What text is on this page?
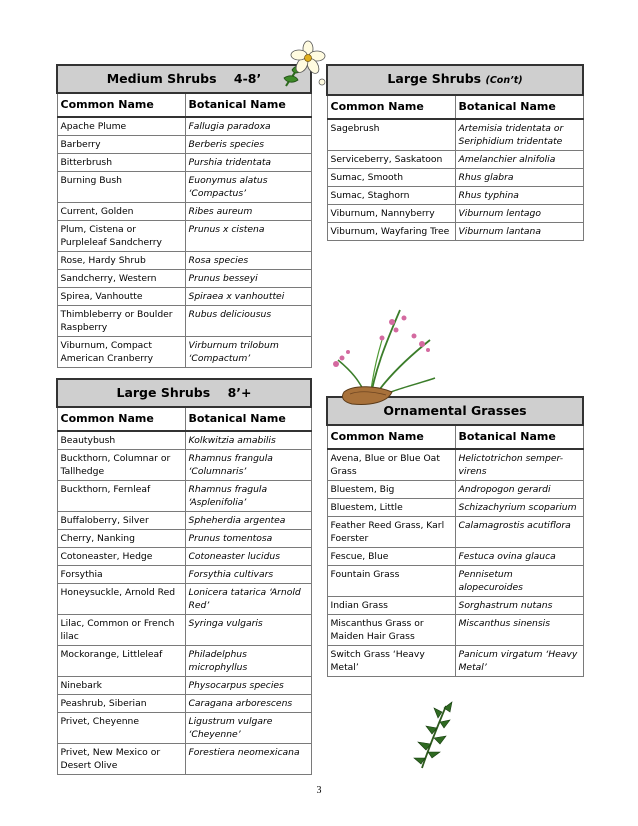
Medium Shrubs    4-8’	
Common Name	Botanical Name
Apache Plume	Fallugia paradoxa
Barberry	Berberis species
Bitterbrush	Purshia tridentata
Burning Bush	Euonymus alatus ‘Compactus’
Current, Golden	Ribes aureum
Plum, Cistena or Purpleleaf Sandcherry	Prunus x cistena
Rose, Hardy Shrub	Rosa species
Sandcherry, Western	Prunus besseyi
Spirea, Vanhoutte	Spiraea x vanhouttei
Thimbleberry or Boulder Raspberry	Rubus deliciousus
Viburnum, Compact American Cranberry	Virburnum trilobum ‘Compactum’
Large Shrubs (Con’t)	
Common Name	Botanical Name
Sagebrush	Artemisia tridentata or Seriphidium tridentate
Serviceberry, Saskatoon	Amelanchier alnifolia
Sumac, Smooth	Rhus glabra
Sumac, Staghorn	Rhus typhina
Viburnum, Nannyberry	Viburnum lentago
Viburnum, Wayfaring Tree	Viburnum lantana
Large Shrubs    8’+	
Common Name	Botanical Name
Beautybush	Kolkwitzia amabilis
Buckthorn, Columnar or Tallhedge	Rhamnus frangula ‘Columnaris’
Buckthorn, Fernleaf	Rhamnus fragula ‘Asplenifolia’
Buffaloberry, Silver	Spheherdia argentea
Cherry, Nanking	Prunus tomentosa
Cotoneaster, Hedge	Cotoneaster lucidus
Forsythia	Forsythia cultivars
Honeysuckle, Arnold Red	Lonicera tatarica ‘Arnold Red’
Lilac, Common or French lilac	Syringa vulgaris
Mockorange, Littleleaf	Philadelphus microphyllus
Ninebark	Physocarpus species
Peashrub, Siberian	Caragana arborescens
Privet, Cheyenne	Ligustrum vulgare ‘Cheyenne’
Privet, New Mexico or Desert Olive	Forestiera neomexicana
Ornamental Grasses	
Common Name	Botanical Name
Avena, Blue or Blue Oat Grass	Helictotrichon semper-virens
Bluestem, Big	Andropogon gerardi
Bluestem, Little	Schizachyrium scoparium
Feather Reed Grass, Karl Foerster	Calamagrostis acutiflora
Fescue, Blue	Festuca ovina glauca
Fountain Grass	Pennisetum alopecuroides
Indian Grass	Sorghastrum nutans
Miscanthus Grass or Maiden Hair Grass	Miscanthus sinensis
Switch Grass ‘Heavy Metal’	Panicum virgatum ‘Heavy Metal’
3
